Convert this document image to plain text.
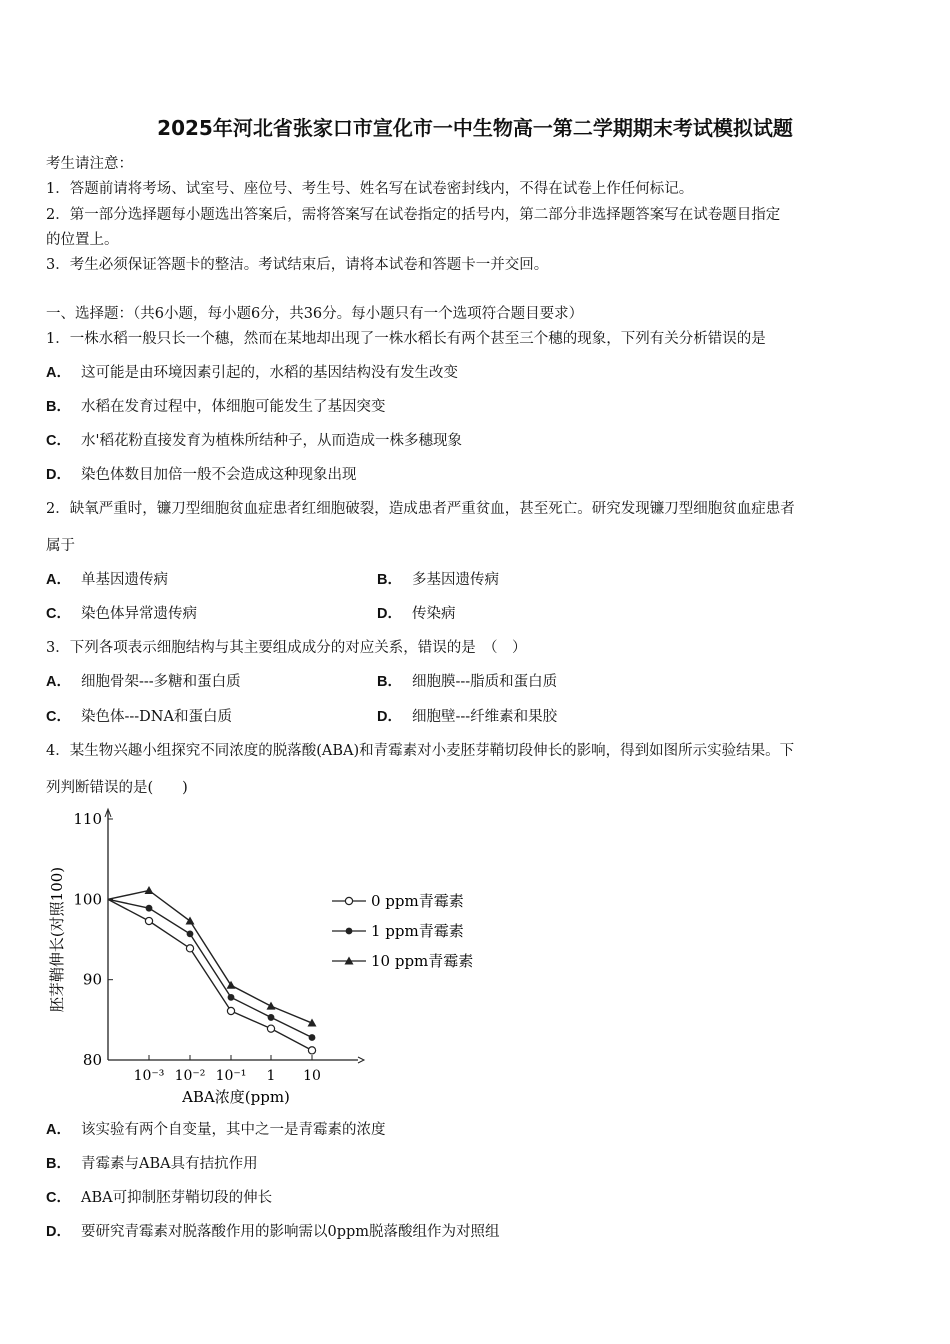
2025年河北省张家口市宣化市一中生物高一第二学期期末考试模拟试题
考生请注意：
1．答题前请将考场、试室号、座位号、考生号、姓名写在试卷密封线内，不得在试卷上作任何标记。
2．第一部分选择题每小题选出答案后，需将答案写在试卷指定的括号内，第二部分非选择题答案写在试卷题目指定
的位置上。
3．考生必须保证答题卡的整洁。考试结束后，请将本试卷和答题卡一并交回。
一、选择题：（共6小题，每小题6分，共36分。每小题只有一个选项符合题目要求）
1．一株水稻一般只长一个穗，然而在某地却出现了一株水稻长有两个甚至三个穗的现象，下列有关分析错误的是
A． 这可能是由环境因素引起的，水稻的基因结构没有发生改变
B． 水稻在发育过程中，体细胞可能发生了基因突变
C． 水'稻花粉直接发育为植株所结种子，从而造成一株多穗现象
D． 染色体数目加倍一般不会造成这种现象出现
2．缺氧严重时，镰刀型细胞贫血症患者红细胞破裂，造成患者严重贫血，甚至死亡。研究发现镰刀型细胞贫血症患者
属于
A． 单基因遗传病	B． 多基因遗传病
C． 染色体异常遗传病	D． 传染病
3．下列各项表示细胞结构与其主要组成成分的对应关系，错误的是　（　）
A． 细胞骨架---多糖和蛋白质	B． 细胞膜---脂质和蛋白质
C． 染色体---DNA和蛋白质	D． 细胞壁---纤维素和果胶
4．某生物兴趣小组探究不同浓度的脱落酸(ABA)和青霉素对小麦胚芽鞘切段伸长的影响，得到如图所示实验结果。下
列判断错误的是(　　)
80
90
100
110
10⁻³ 10⁻² 10⁻¹ 1 10
ABA浓度(ppm)
胚芽鞘伸长(对照100)	0 ppm青霉素
1 ppm青霉素
10 ppm青霉素
A． 该实验有两个自变量，其中之一是青霉素的浓度
B． 青霉素与ABA具有拮抗作用
C． ABA可抑制胚芽鞘切段的伸长
D． 要研究青霉素对脱落酸作用的影响需以0ppm脱落酸组作为对照组
